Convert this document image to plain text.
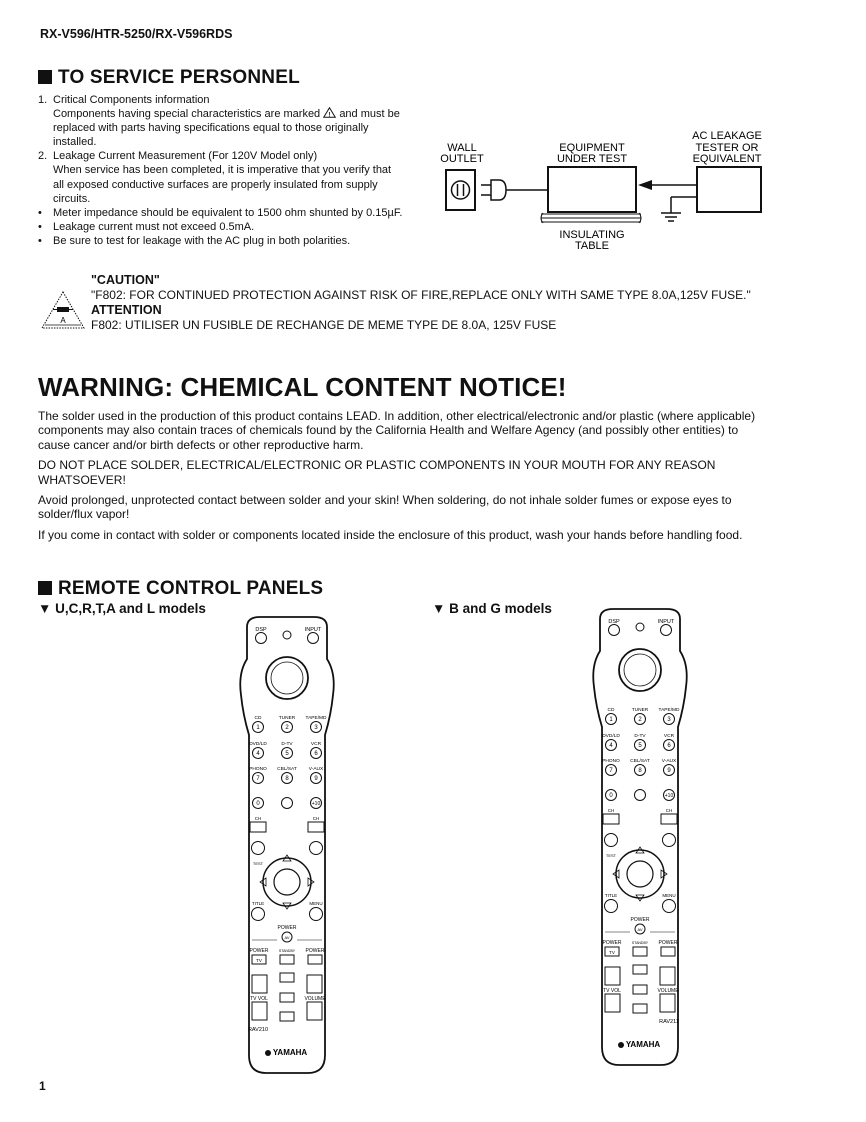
RX-V596/HTR-5250/RX-V596RDS
TO SERVICE PERSONNEL
1. Critical Components information

Components having special characteristics are marked ! and must be

replaced with parts having specifications equal to those originally

installed.

2. Leakage Current Measurement (For 120V Model only)

When service has been completed, it is imperative that you verify that

all exposed conductive surfaces are properly insulated from supply

circuits.

•	Meter impedance should be equivalent to 1500 ohm shunted by 0.15µF.
•	Leakage current must not exceed 0.5mA.
•	Be sure to test for leakage with the AC plug in both polarities.
WALL
OUTLET
EQUIPMENT
UNDER TEST
AC LEAKAGE
TESTER OR
EQUIVALENT
INSULATING
TABLE
A
"CAUTION"
"F802: FOR CONTINUED PROTECTION AGAINST RISK OF FIRE,REPLACE ONLY WITH SAME TYPE 8.0A,125V FUSE."
ATTENTION
F802: UTILISER UN FUSIBLE DE RECHANGE DE MEME TYPE DE 8.0A, 125V FUSE
WARNING: CHEMICAL CONTENT NOTICE!

The solder used in the production of this product contains LEAD. In addition, other electrical/electronic and/or plastic (where applicable) components may also contain traces of chemicals found by the California Health and Welfare Agency (and possibly other entities) to cause cancer and/or birth defects or other reproductive harm.

DO NOT PLACE SOLDER, ELECTRICAL/ELECTRONIC OR PLASTIC COMPONENTS IN YOUR MOUTH FOR ANY REASON WHATSOEVER!

Avoid prolonged, unprotected contact between solder and your skin! When soldering, do not inhale solder fumes or expose eyes to solder/flux vapor!

If you come in contact with solder or components located inside the enclosure of this product, wash your hands before handling food.

REMOTE CONTROL PANELS
▼ U,C,R,T,A and L models	▼ B and G models
DSP	INPUT
1	2	3
4	5	6
7	8	9
0	+10
CD	TUNER TAPE/MD
DVD/LD	D-TV	VCR
PHONO CBL/SAT V-AUX
CH	CH
TEST
TITLE	MENU
POWER
AV
POWER	STANDBY POWER
TV
TV VOL	VOLUME
RAV210
YAMAHA
DSP	INPUT
1	2	3
4	5	6
7	8	9
0	+10
CD	TUNER TAPE/MD
DVD/LD	D-TV	VCR
PHONO CBL/SAT V-AUX
CH	CH
TEST
TITLE	MENU
POWER
AV
POWER	STANDBY POWER
TV
TV VOL	VOLUME
RAV211
YAMAHA
1
